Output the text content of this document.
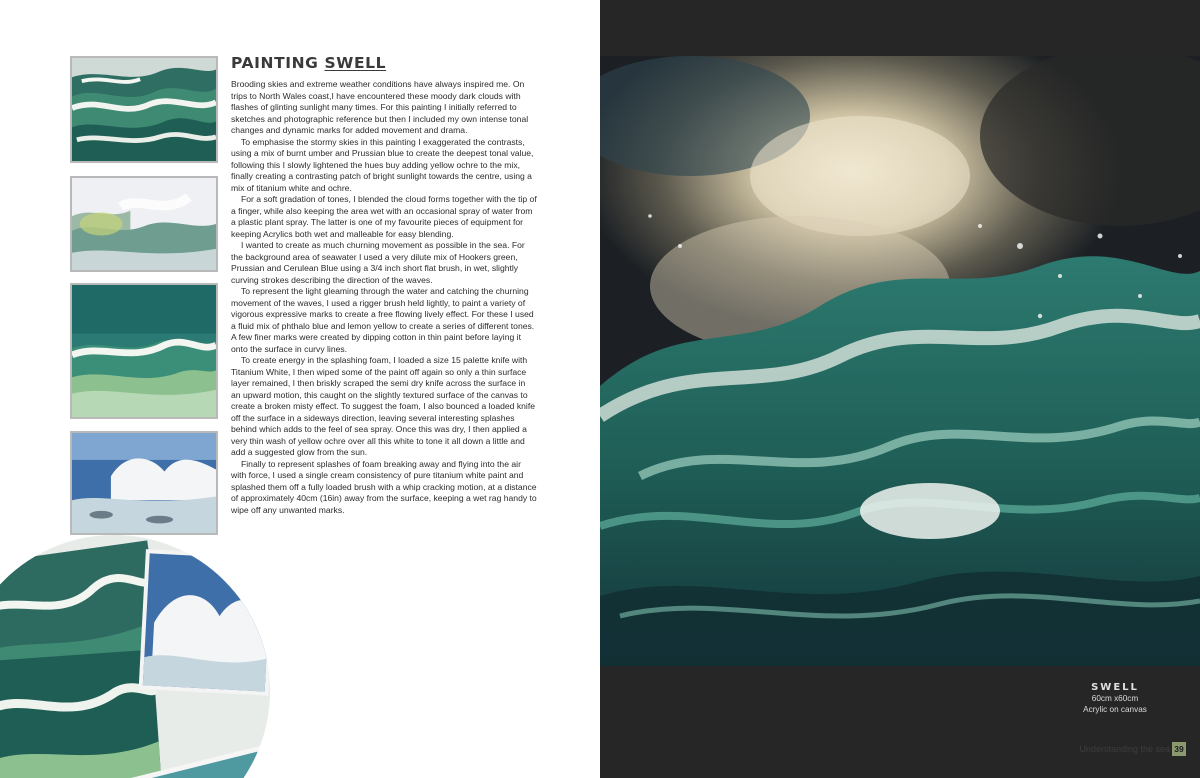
PAINTING SWELL

Brooding skies and extreme weather conditions have always inspired me. On trips to North Wales coast,I have encountered these moody dark clouds with flashes of glinting sunlight many times. For this painting I initially referred to sketches and photographic reference but then I included my own intense tonal changes and dynamic marks for added movement and drama.

To emphasise the stormy skies in this painting I exaggerated the contrasts, using a mix of burnt umber and Prussian blue to create the deepest tonal value, following this I slowly lightened the hues buy adding yellow ochre to the mix, finally creating a contrasting patch of bright sunlight towards the centre, using a mix of titanium white and ochre.

For a soft gradation of tones, I blended the cloud forms together with the tip of a finger, while also keeping the area wet with an occasional spray of water from a plastic plant spray. The latter is one of my favourite pieces of equipment for keeping Acrylics both wet and malleable for easy blending.

I wanted to create as much churning movement as possible in the sea. For the background area of seawater I used a very dilute mix of Hookers green, Prussian and Cerulean Blue using a 3/4 inch short flat brush, in wet, slightly curving strokes describing the direction of the waves.

To represent the light gleaming through the water and catching the churning movement of the waves, I used a rigger brush held lightly, to paint a variety of vigorous expressive marks to create a free flowing lively effect. For these I used a fluid mix of phthalo blue and lemon yellow to create a series of different tones. A few finer marks were created by dipping cotton in thin paint before laying it onto the surface in curvy lines.

To create energy in the splashing foam, I loaded a size 15 palette knife with Titanium White, I then wiped some of the paint off again so only a thin surface layer remained, I then briskly scraped the semi dry knife across the surface in an upward motion, this caught on the slightly textured surface of the canvas to create a broken misty effect. To suggest the foam, I also bounced a loaded knife off the surface in a sideways direction, leaving several interesting splashes behind which adds to the feel of sea spray. Once this was dry, I then applied a very thin wash of yellow ochre over all this white to tone it all down a little and add a suggested glow from the sun.

Finally to represent splashes of foam breaking away and flying into the air with force, I used a single cream consistency of pure titanium white paint and splashed them off a fully loaded brush with a whip cracking motion, at a distance of approximately 40cm (16in) away from the surface, keeping a wet rag handy to wipe off any unwanted marks.

SWELL
60cm x60cm
Acrylic on canvas
Understanding the sea 39
